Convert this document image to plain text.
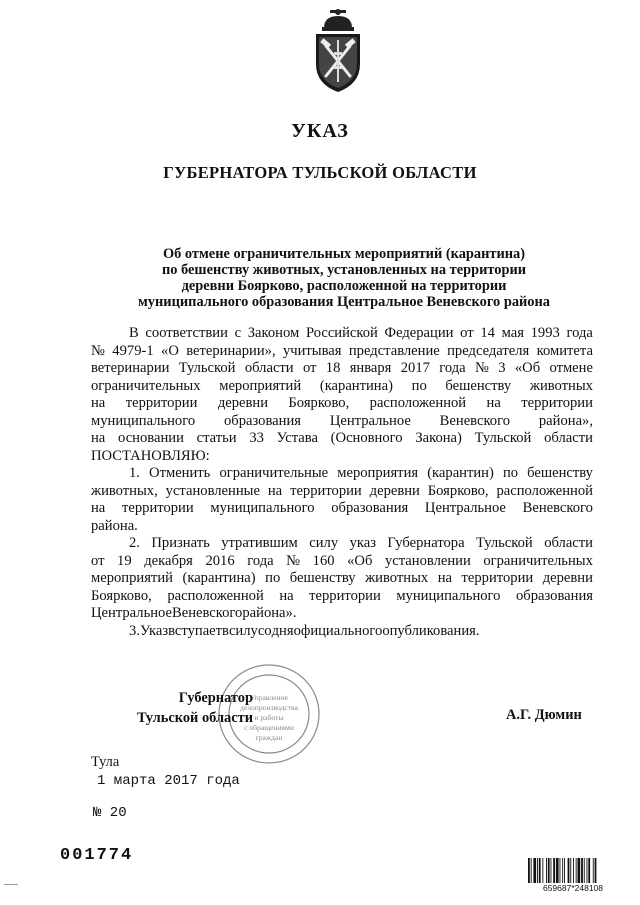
УКАЗ
ГУБЕРНАТОРА ТУЛЬСКОЙ ОБЛАСТИ
Об отмене ограничительных мероприятий (карантина)
по бешенству животных, установленных на территории
деревни Боярково, расположенной на территории
муниципального образования Центральное Веневского района
В соответствии с Законом Российской Федерации от 14 мая 1993 года
№ 4979-1 «О ветеринарии», учитывая представление председателя комитета
ветеринарии Тульской области от 18 января 2017 года № 3 «Об отмене
ограничительных мероприятий (карантина) по бешенству животных
на территории деревни Боярково, расположенной на территории
муниципального образования Центральное Веневского района»,
на основании статьи 33 Устава (Основного Закона) Тульской области
ПОСТАНОВЛЯЮ:
1. Отменить ограничительные мероприятия (карантин) по бешенству
животных, установленные на территории деревни Боярково, расположенной
на территории муниципального образования Центральное Веневского
района.
2. Признать утратившим силу указ Губернатора Тульской области
от 19 декабря 2016 года № 160 «Об установлении ограничительных
мероприятий (карантина) по бешенству животных на территории деревни
Боярково, расположенной на территории муниципального образования
Центральное Веневского района».
3. Указ вступает в силу со дня официального опубликования.
Управление
делопроизводства
и работы
с обращениями
граждан
Губернатор
Тульской области	А.Г. Дюмин
Тула
1 марта 2017 года
№ 20
001774
659687*248108
